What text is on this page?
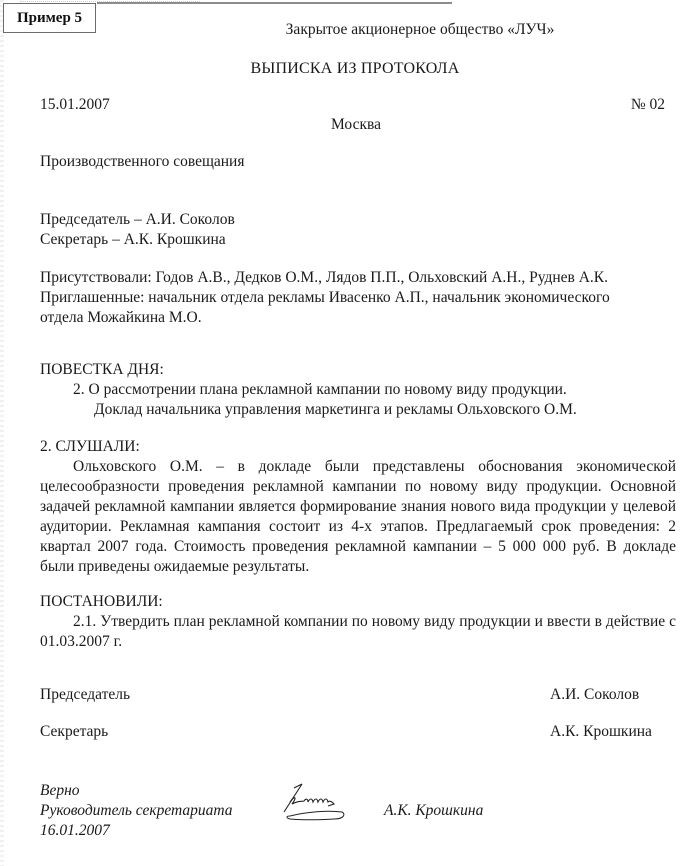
Пример 5
Закрытое акционерное общество «ЛУЧ»
ВЫПИСКА ИЗ ПРОТОКОЛА
15.01.2007	№ 02
Москва
Производственного совещания
Председатель – А.И. Соколов
Секретарь – А.К. Крошкина
Присутствовали: Годов А.В., Дедков О.М., Лядов П.П., Ольховский А.Н., Руднев А.К.
Приглашенные: начальник отдела рекламы Ивасенко А.П., начальник экономического
отдела Можайкина М.О.
ПОВЕСТКА ДНЯ:
2. О рассмотрении плана рекламной кампании по новому виду продукции.
Доклад начальника управления маркетинга и рекламы Ольховского О.М.
2. СЛУШАЛИ:

Ольховского О.М. – в докладе были представлены обоснования экономической целесообразности проведения рекламной кампании по новому виду продукции. Основной задачей рекламной кампании является формирование знания нового вида продукции у целевой аудитории. Рекламная кампания состоит из 4-х этапов. Предлагаемый срок проведения: 2 квартал 2007 года. Стоимость проведения рекламной кампании – 5 000 000 руб. В докладе были приведены ожидаемые результаты.

ПОСТАНОВИЛИ:

2.1. Утвердить план рекламной компании по новому виду продукции и ввести в действие с 01.03.2007 г.

Председатель	А.И. Соколов
Секретарь	А.К. Крошкина
Верно
Руководитель секретариата
16.01.2007
А.К. Крошкина
